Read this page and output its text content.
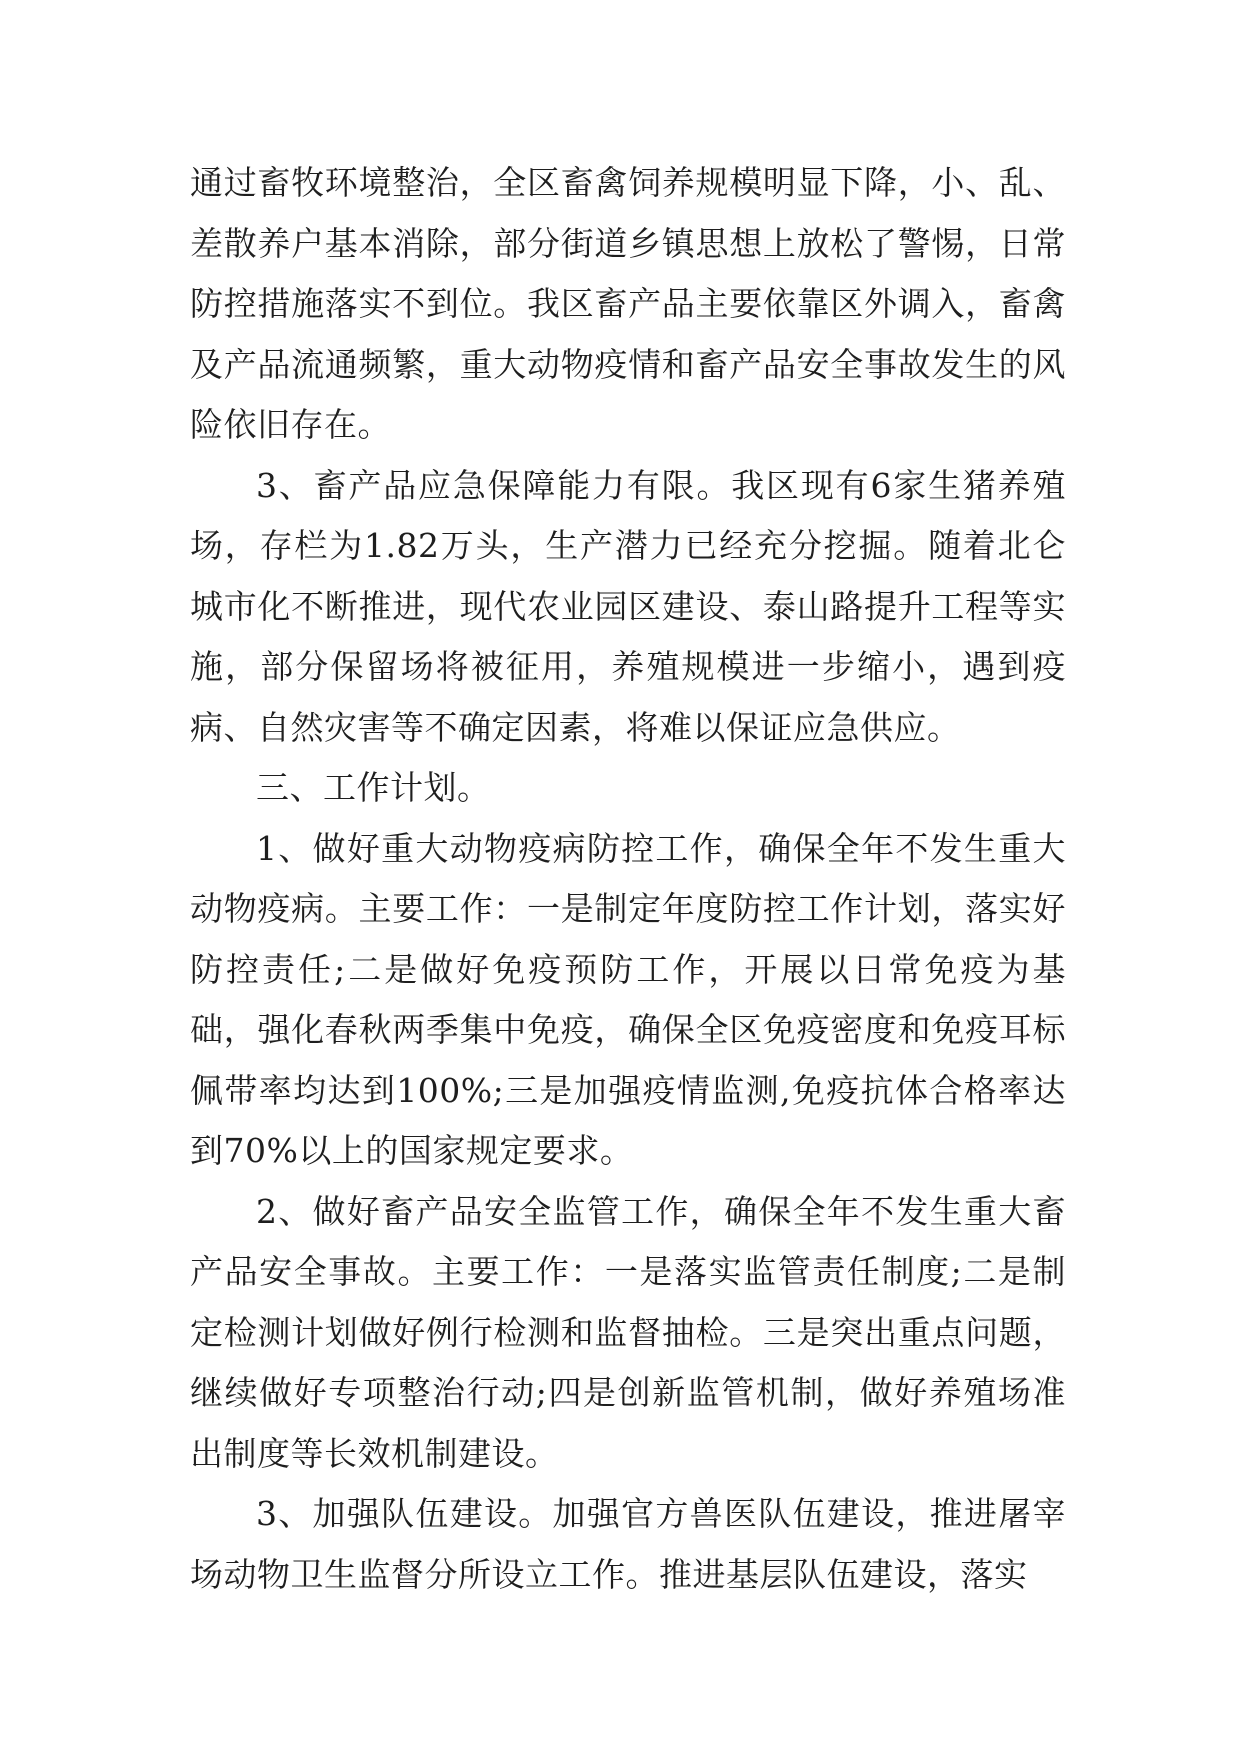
通过畜牧环境整治，全区畜禽饲养规模明显下降，小、乱、差散养户基本消除，部分街道乡镇思想上放松了警惕，日常防控措施落实不到位。我区畜产品主要依靠区外调入，畜禽及产品流通频繁，重大动物疫情和畜产品安全事故发生的风险依旧存在。

3、畜产品应急保障能力有限。我区现有6家生猪养殖场，存栏为1.82万头，生产潜力已经充分挖掘。随着北仑城市化不断推进，现代农业园区建设、泰山路提升工程等实施，部分保留场将被征用，养殖规模进一步缩小，遇到疫病、自然灾害等不确定因素，将难以保证应急供应。

三、工作计划。

1、做好重大动物疫病防控工作，确保全年不发生重大动物疫病。主要工作：一是制定年度防控工作计划，落实好防控责任;二是做好免疫预防工作，开展以日常免疫为基础，强化春秋两季集中免疫，确保全区免疫密度和免疫耳标佩带率均达到100%;三是加强疫情监测,免疫抗体合格率达到70%以上的国家规定要求。

2、做好畜产品安全监管工作，确保全年不发生重大畜产品安全事故。主要工作：一是落实监管责任制度;二是制定检测计划做好例行检测和监督抽检。三是突出重点问题，继续做好专项整治行动;四是创新监管机制，做好养殖场准出制度等长效机制建设。

3、加强队伍建设。加强官方兽医队伍建设，推进屠宰场动物卫生监督分所设立工作。推进基层队伍建设，落实
